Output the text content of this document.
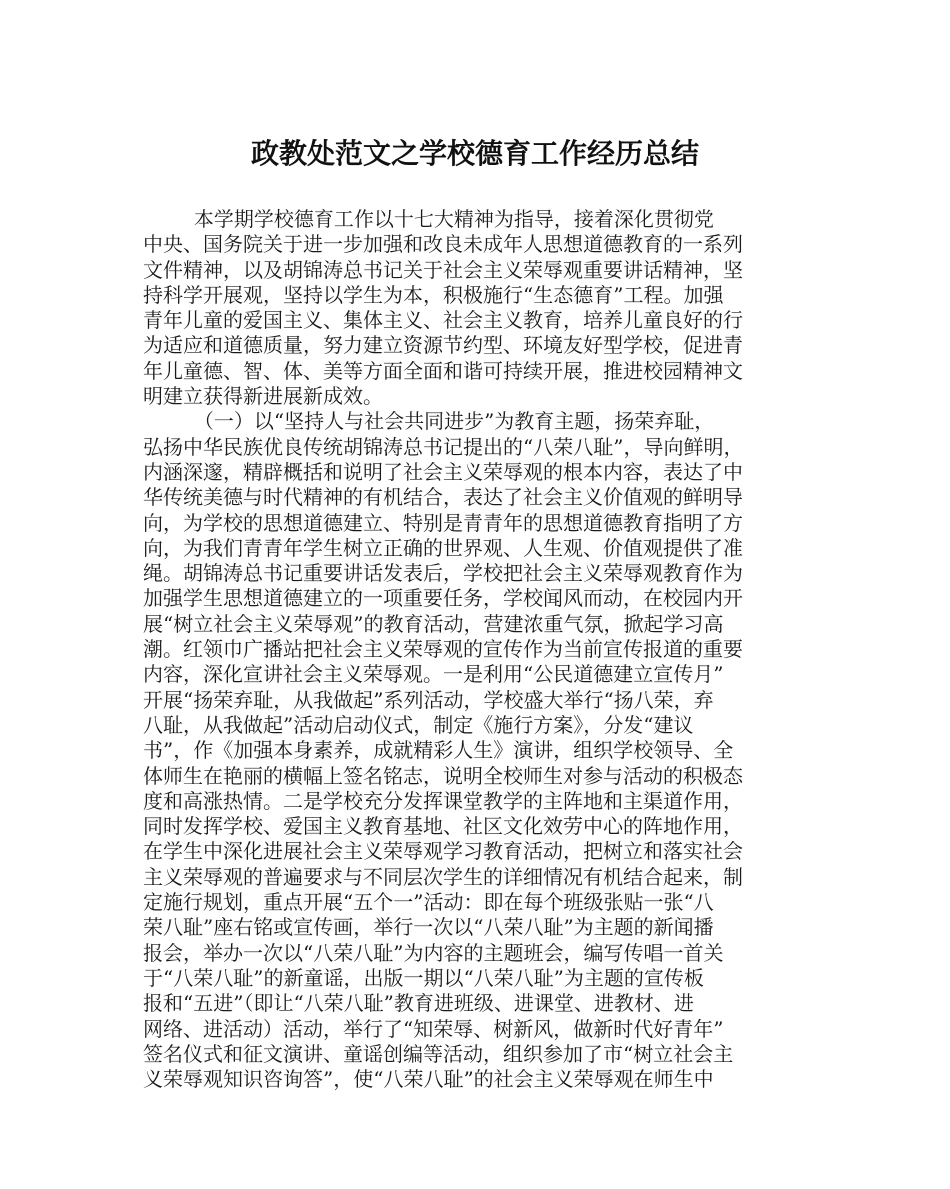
政教处范文之学校德育工作经历总结

本学期学校德育工作以十七大精神为指导，接着深化贯彻党
中央、国务院关于进一步加强和改良未成年人思想道德教育的一系列
文件精神，以及胡锦涛总书记关于社会主义荣辱观重要讲话精神，坚
持科学开展观，坚持以学生为本，积极施行“生态德育”工程。加强
青年儿童的爱国主义、集体主义、社会主义教育，培养儿童良好的行
为适应和道德质量，努力建立资源节约型、环境友好型学校，促进青
年儿童德、智、体、美等方面全面和谐可持续开展，推进校园精神文
明建立获得新进展新成效。

（一）以“坚持人与社会共同进步”为教育主题，扬荣弃耻，
弘扬中华民族优良传统胡锦涛总书记提出的“八荣八耻”，导向鲜明，
内涵深邃，精辟概括和说明了社会主义荣辱观的根本内容，表达了中
华传统美德与时代精神的有机结合，表达了社会主义价值观的鲜明导
向，为学校的思想道德建立、特别是青青年的思想道德教育指明了方
向，为我们青青年学生树立正确的世界观、人生观、价值观提供了准
绳。胡锦涛总书记重要讲话发表后，学校把社会主义荣辱观教育作为
加强学生思想道德建立的一项重要任务，学校闻风而动，在校园内开
展“树立社会主义荣辱观”的教育活动，营建浓重气氛，掀起学习高
潮。红领巾广播站把社会主义荣辱观的宣传作为当前宣传报道的重要
内容，深化宣讲社会主义荣辱观。一是利用“公民道德建立宣传月”
开展“扬荣弃耻，从我做起”系列活动，学校盛大举行“扬八荣，弃
八耻，从我做起”活动启动仪式，制定《施行方案》，分发“建议
书”，作《加强本身素养，成就精彩人生》演讲，组织学校领导、全
体师生在艳丽的横幅上签名铭志，说明全校师生对参与活动的积极态
度和高涨热情。二是学校充分发挥课堂教学的主阵地和主渠道作用，
同时发挥学校、爱国主义教育基地、社区文化效劳中心的阵地作用，
在学生中深化进展社会主义荣辱观学习教育活动，把树立和落实社会
主义荣辱观的普遍要求与不同层次学生的详细情况有机结合起来，制
定施行规划，重点开展“五个一”活动：即在每个班级张贴一张“八
荣八耻”座右铭或宣传画，举行一次以“八荣八耻”为主题的新闻播
报会，举办一次以“八荣八耻”为内容的主题班会，编写传唱一首关
于“八荣八耻”的新童谣，出版一期以“八荣八耻”为主题的宣传板
报和“五进”（即让“八荣八耻”教育进班级、进课堂、进教材、进
网络、进活动）活动，举行了“知荣辱、树新风，做新时代好青年”
签名仪式和征文演讲、童谣创编等活动，组织参加了市“树立社会主
义荣辱观知识咨询答”，使“八荣八耻”的社会主义荣辱观在师生中
